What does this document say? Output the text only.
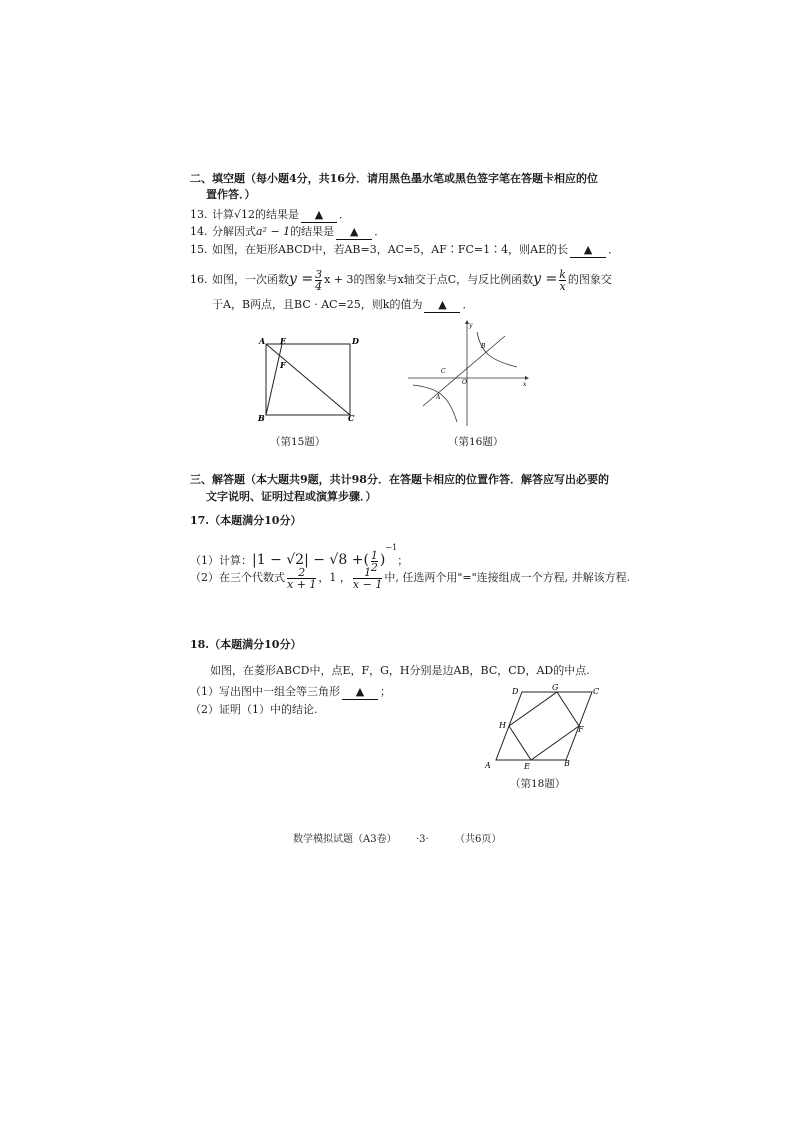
二、填空题（每小题4分，共16分．请用黑色墨水笔或黑色签字笔在答题卡相应的位
置作答．）
13. 计算√12的结果是 ▲ ．
14. 分解因式a² − 1的结果是 ▲ ．
15. 如图，在矩形ABCD中，若AB=3，AC=5，AF∶FC=1∶4，则AE的长 ▲ ．
16. 如图，一次函数$y = \frac{3}{4}$ x + 3的图象与x轴交于点C，与反比例函数$y = \frac{k}{x}$ 的图象交
于A，B两点，且BC · AC=25，则k的值为 ▲ ．
A E	D
F
B	C
（第15题）
y
x
O
C
B
A
（第16题）
三、解答题（本大题共9题，共计98分．在答题卡相应的位置作答．解答应写出必要的
文字说明、证明过程或演算步骤．）
17.（本题满分10分）
（1）计算：|1 − √2| − √8 +( $\frac{1}{2} )^{-1}$；
（2）在三个代数式 $\frac{2}{x + 1}$ ，1 ， $\frac{1}{x - 1}$ 中, 任选两个用"="连接组成一个方程, 并解该方程.
18.（本题满分10分）
如图，在菱形ABCD中，点E，F，G，H分别是边AB，BC，CD，AD的中点.
（1）写出图中一组全等三角形 ▲ ；
（2）证明（1）中的结论.
D	G	C
H	F
A	E	B
（第18题）
数学模拟试题（A3卷） ·3·	（共6页）
